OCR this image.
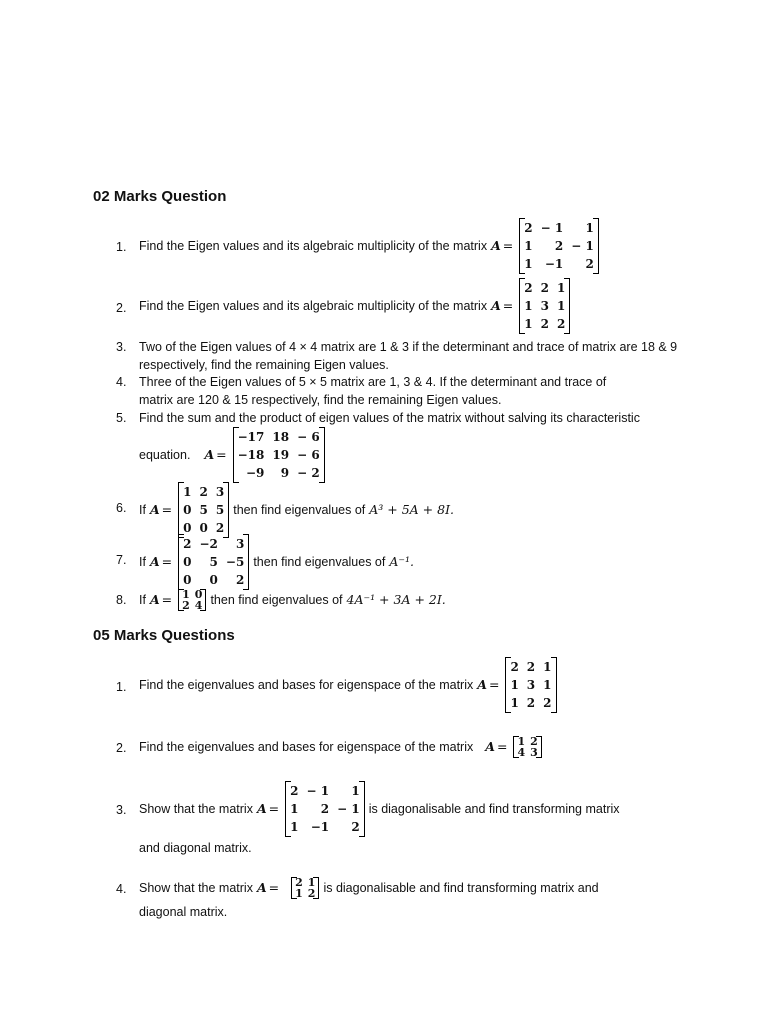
02 Marks Question
1.	Find the Eigen values and its algebraic multiplicity of the matrix A =
2 − 1	1
1	2 − 1
1	−1	2
2.	Find the Eigen values and its algebraic multiplicity of the matrix A =
2 2 1
1 3 1
1 2 2
3.	Two of the Eigen values of 4 × 4 matrix are 1 & 3 if the determinant and trace of matrix are 18 & 9 respectively, find the remaining Eigen values.
4.	Three of the Eigen values of 5 × 5 matrix are 1, 3 & 4. If the determinant and trace of matrix are 120 & 15 respectively, find the remaining Eigen values.
5.	Find the sum and the product of eigen values of the matrix without salving its characteristic
equation. A =
−17 18 − 6
−18 19 − 6
−9	9 − 2
6.	If A =
1 2 3
0 5 5
0 0 2
then find eigenvalues of A³ + 5A + 8I.
7.	If A =
2 −2	3
0	5 −5
0	0	2
then find eigenvalues of A⁻¹.
8.	If A = 1 0
2 4 then find eigenvalues of 4A⁻¹ + 3A + 2I.
05 Marks Questions
1.	Find the eigenvalues and bases for eigenspace of the matrix A =
2 2 1
1 3 1
1 2 2
2.	Find the eigenvalues and bases for eigenspace of the matrix A = 1 2
4 3
3.	Show that the matrix A =
2 − 1	1
1	2 − 1
1	−1	2
is diagonalisable and find transforming matrix
and diagonal matrix.
4.	Show that the matrix A = 2 1
1 2 is diagonalisable and find transforming matrix and
diagonal matrix.
